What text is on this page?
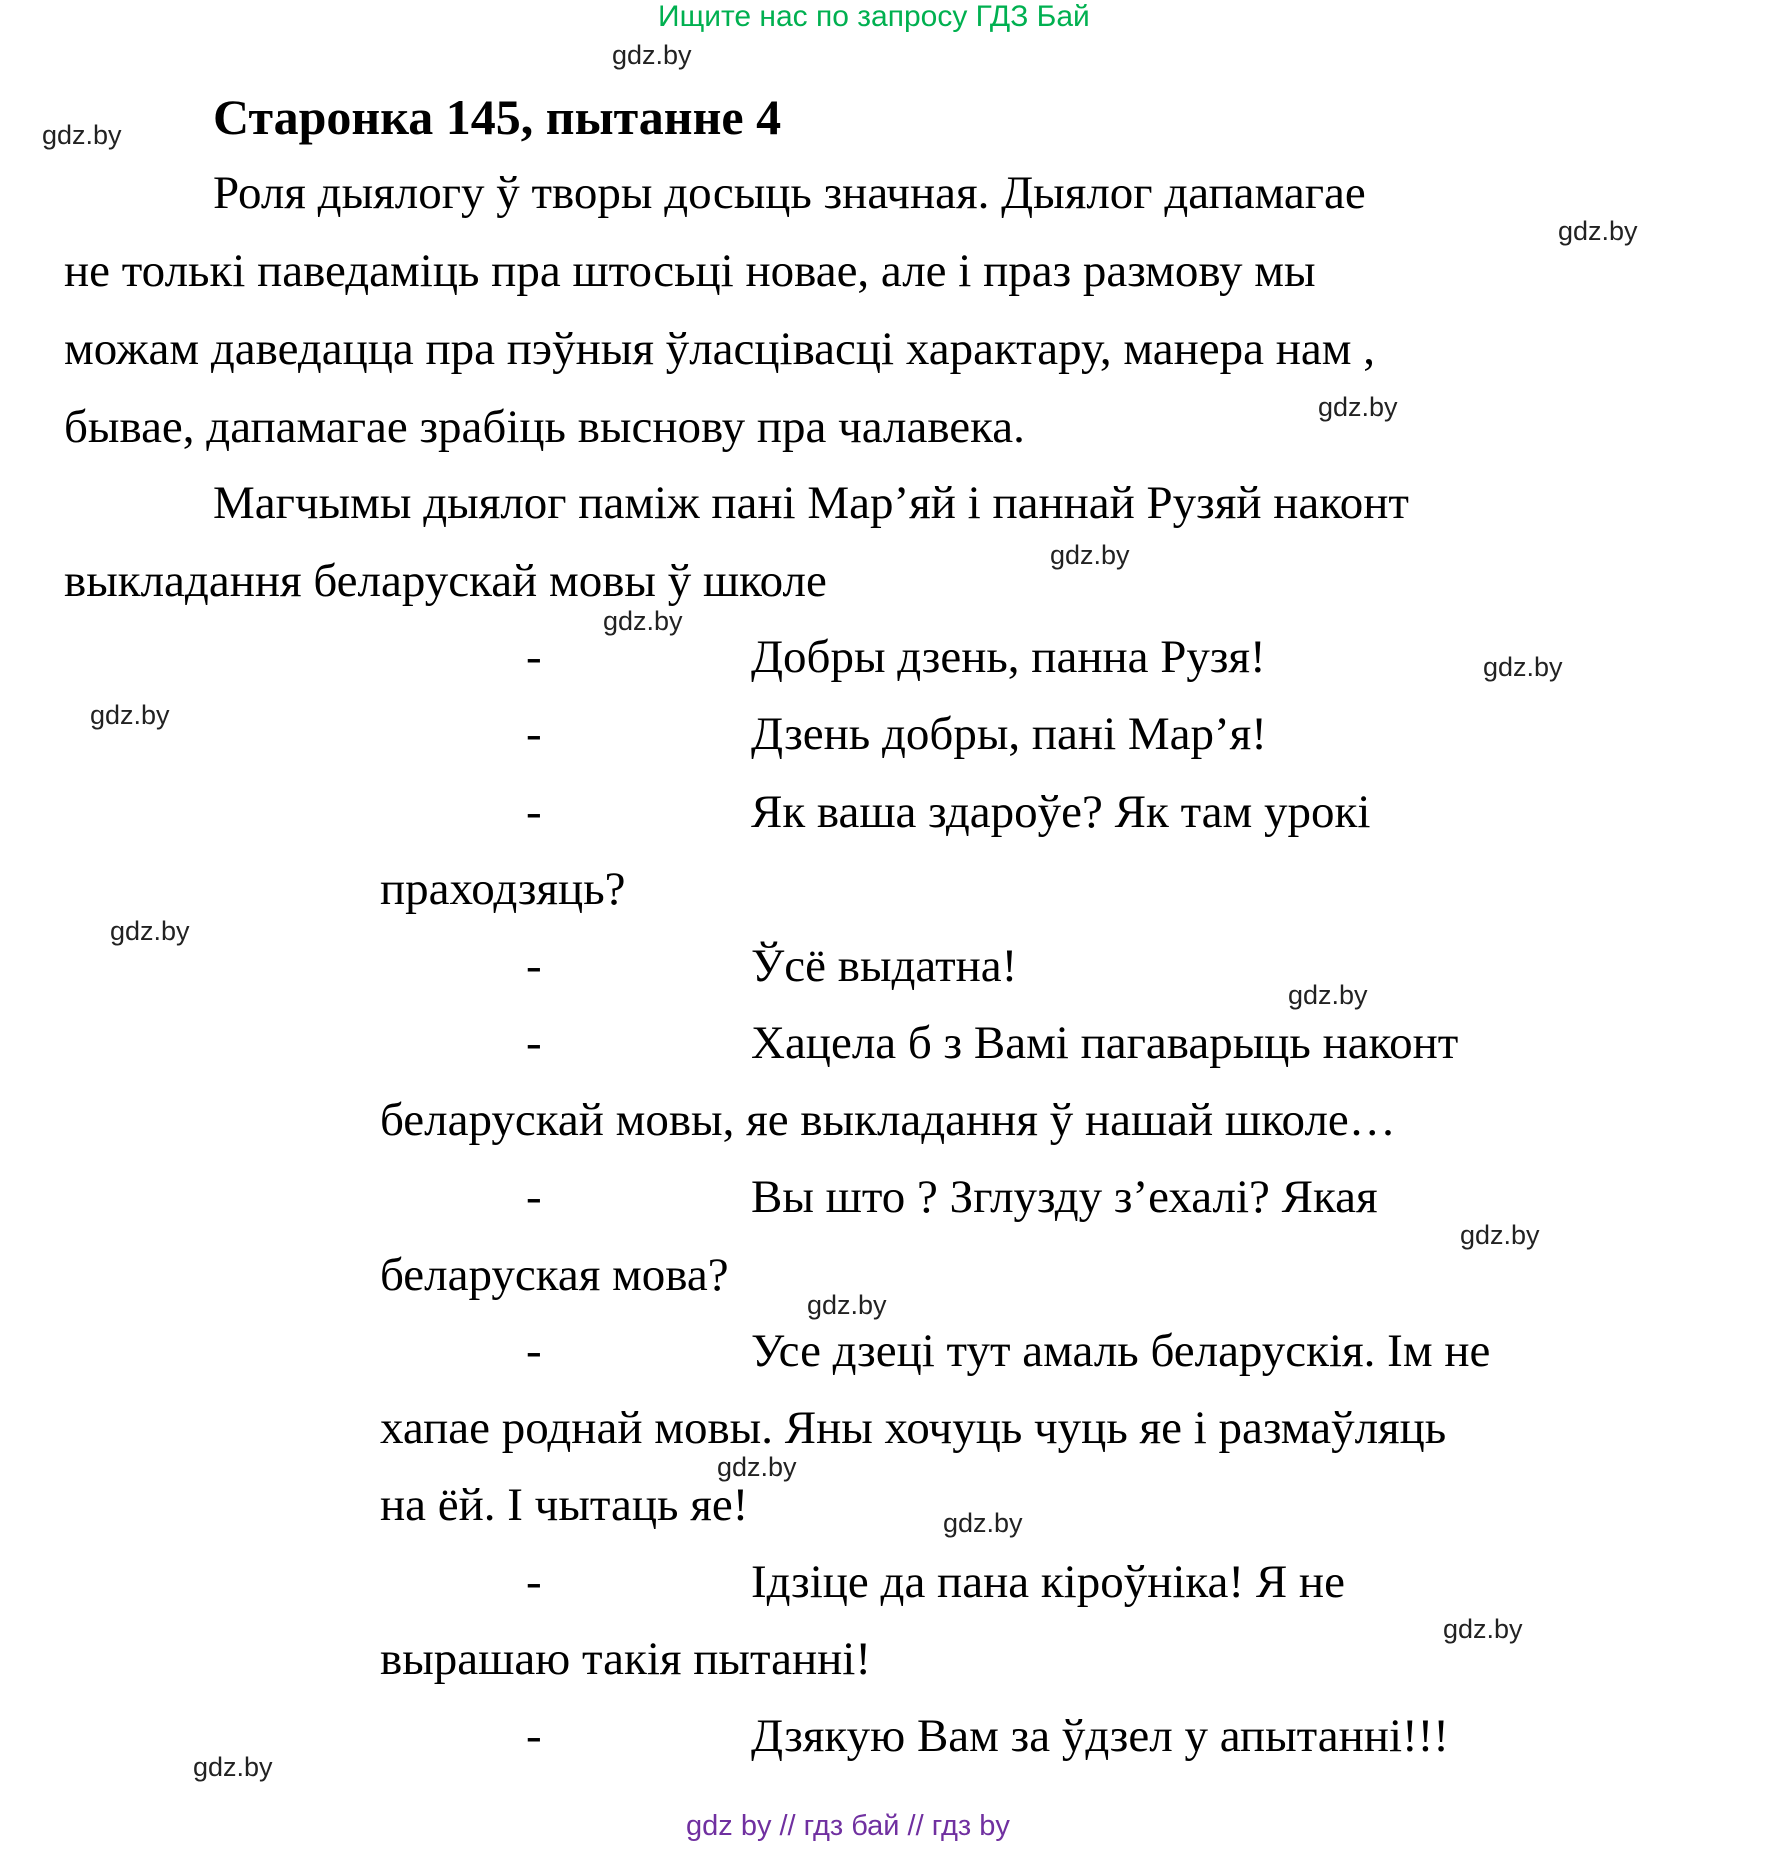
Ищите нас по запросу ГДЗ Бай
Старонка 145, пытанне 4
Роля дыялогу ў творы досыць значная. Дыялог дапамагае
не толькі паведаміць пра штосьці новае, але і праз размову мы
можам даведацца пра пэўныя ўласцівасці характару, манера нам ,
бывае, дапамагае зрабіць выснову пра чалавека.
Магчымы дыялог паміж пані Мар’яй і паннай Рузяй наконт
выкладання беларускай мовы ў школе
-	Добры дзень, панна Рузя!
-	Дзень добры, пані Мар’я!
-	Як ваша здароўе? Як там урокі
праходзяць?
-	Ўсё выдатна!
-	Хацела б з Вамі пагаварыць наконт
беларускай мовы, яе выкладання ў нашай школе…
-	Вы што ? Зглузду з’ехалі? Якая
беларуская мова?
-	Усе дзеці тут амаль беларускія. Ім не
хапае роднай мовы. Яны хочуць чуць яе і размаўляць
на ёй. І чытаць яе!
-	Ідзіце да пана кіроўніка! Я не
вырашаю такія пытанні!
-	Дзякую Вам за ўдзел у апытанні!!!
gdz.by
gdz.by
gdz.by
gdz.by
gdz.by
gdz.by
gdz.by
gdz.by
gdz.by
gdz.by
gdz.by
gdz.by
gdz.by
gdz.by
gdz.by
gdz.by
gdz by // гдз бай // гдз by
